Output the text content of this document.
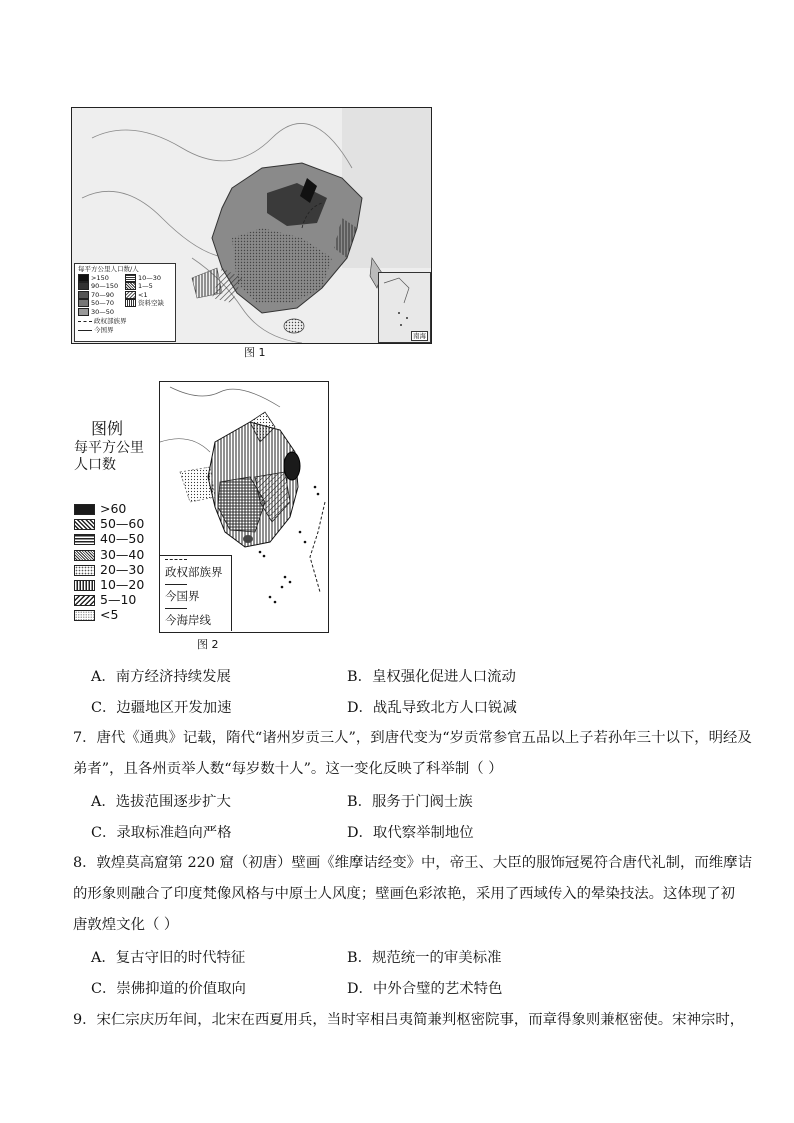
每平方公里人口数/人
>150
90—150
70—90
50—70
30—50
10—30
1—5
<1
资料空缺
政权部族界
今国界
南海
图 1
政权部族界
今国界
今海岸线
图例
每平方公里
人口数
>60
50—60
40—50
30—40
20—30
10—20
5—10
<5
图 2
A．南方经济持续发展	B．皇权强化促进人口流动
C．边疆地区开发加速	D．战乱导致北方人口锐减
7．唐代《通典》记载，隋代“诸州岁贡三人”，到唐代变为“岁贡常参官五品以上子若孙年三十以下，明经及
弟者”，且各州贡举人数“每岁数十人”。这一变化反映了科举制（ ）
A．选拔范围逐步扩大	B．服务于门阀士族
C．录取标准趋向严格	D．取代察举制地位
8．敦煌莫高窟第 220 窟（初唐）壁画《维摩诘经变》中，帝王、大臣的服饰冠冕符合唐代礼制，而维摩诘
的形象则融合了印度梵像风格与中原士人风度；壁画色彩浓艳，采用了西域传入的晕染技法。这体现了初
唐敦煌文化（ ）
A．复古守旧的时代特征	B．规范统一的审美标准
C．崇佛抑道的价值取向	D．中外合璧的艺术特色
9．宋仁宗庆历年间，北宋在西夏用兵，当时宰相吕夷简兼判枢密院事，而章得象则兼枢密使。宋神宗时，
